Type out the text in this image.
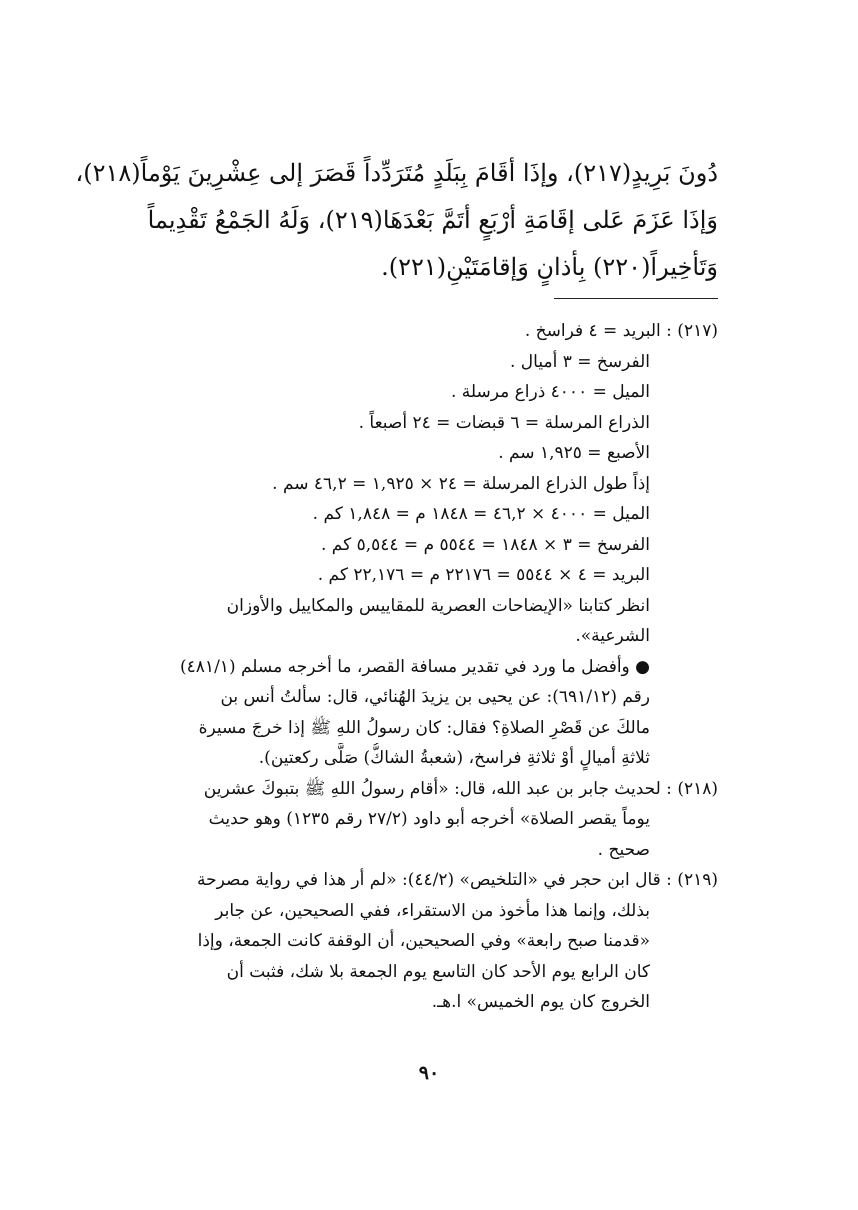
دُونَ بَرِيدٍ(٢١٧)، وإذَا أقَامَ بِبَلَدٍ مُتَرَدِّداً قَصَرَ إلى عِشْرِينَ يَوْماً(٢١٨)،
وَإذَا عَزَمَ عَلى إقَامَةِ أرْبَعٍ أتَمَّ بَعْدَهَا(٢١٩)، وَلَهُ الجَمْعُ تَقْدِيماً
وَتَأخِيراً(٢٢٠) بِأذانٍ وَإقامَتَيْنِ(٢٢١).
(٢١٧) : البريد = ٤ فراسخ .
الفرسخ = ٣ أميال .
الميل = ٤٠٠٠ ذراع مرسلة .
الذراع المرسلة = ٦ قبضات = ٢٤ أصبعاً .
الأصبع = ١,٩٢٥ سم .
إذاً طول الذراع المرسلة = ٢٤ × ١,٩٢٥ = ٤٦,٢ سم .
الميل = ٤٠٠٠ × ٤٦,٢ = ١٨٤٨ م = ١,٨٤٨ كم .
الفرسخ = ٣ × ١٨٤٨ = ٥٥٤٤ م = ٥,٥٤٤ كم .
البريد = ٤ × ٥٥٤٤ = ٢٢١٧٦ م = ٢٢,١٧٦ كم .
انظر كتابنا «الإيضاحات العصرية للمقاييس والمكاييل والأوزان
الشرعية».
● وأفضل ما ورد في تقدير مسافة القصر، ما أخرجه مسلم (٤٨١/١)
رقم (٦٩١/١٢): عن يحيى بن يزيدَ الهُنائي، قال: سألتُ أنس بن
مالكَ عن قَصْرِ الصلاةِ؟ فقال: كان رسولُ اللهِ ﷺ إذا خرجَ مسيرة
ثلاثةِ أميالٍ أوْ ثلاثةِ فراسخ، (شعبةُ الشاكُّ) صَلَّى ركعتين).
(٢١٨) : لحديث جابر بن عبد الله، قال: «أقام رسولُ اللهِ ﷺ بتبوكَ عشرين
يوماً يقصر الصلاة» أخرجه أبو داود (٢٧/٢ رقم ١٢٣٥) وهو حديث
صحيح .
(٢١٩) : قال ابن حجر في «التلخيص» (٤٤/٢): «لم أر هذا في رواية مصرحة
بذلك، وإنما هذا مأخوذ من الاستقراء، ففي الصحيحين، عن جابر
«قدمنا صبح رابعة» وفي الصحيحين، أن الوقفة كانت الجمعة، وإذا
كان الرابع يوم الأحد كان التاسع يوم الجمعة بلا شك، فثبت أن
الخروج كان يوم الخميس» ا.هـ.
٩٠
